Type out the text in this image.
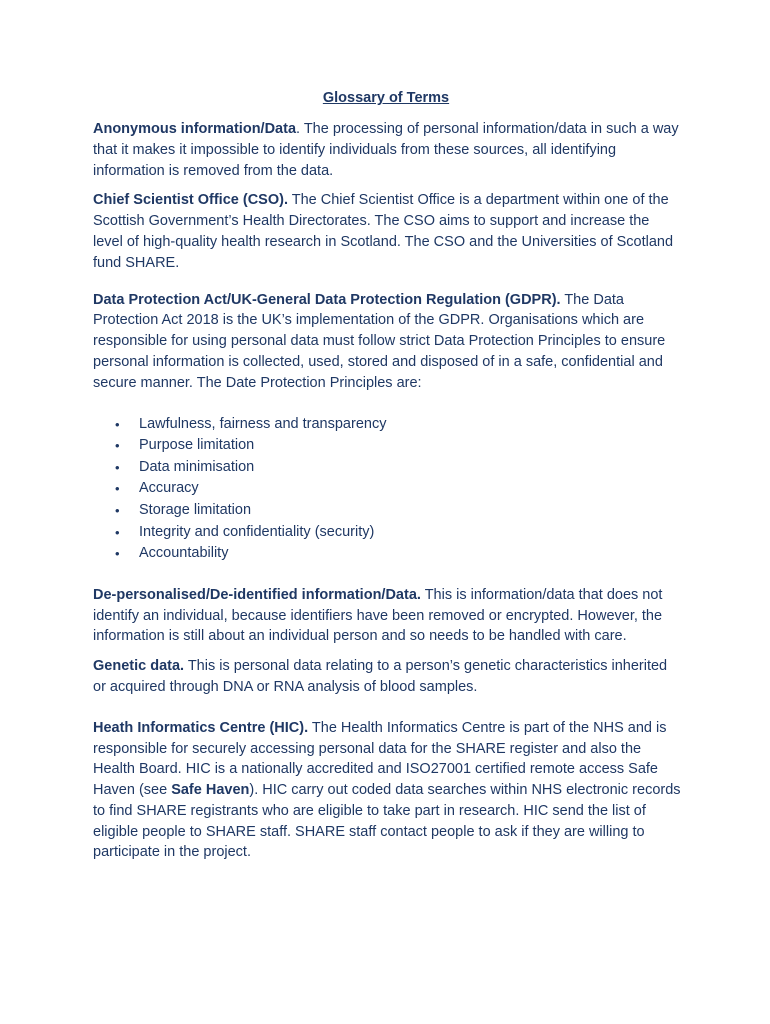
Glossary of Terms

Anonymous information/Data. The processing of personal information/data in such a way that it makes it impossible to identify individuals from these sources, all identifying information is removed from the data.

Chief Scientist Office (CSO). The Chief Scientist Office is a department within one of the Scottish Government’s Health Directorates. The CSO aims to support and increase the level of high-quality health research in Scotland. The CSO and the Universities of Scotland fund SHARE.

Data Protection Act/UK-General Data Protection Regulation (GDPR). The Data Protection Act 2018 is the UK’s implementation of the GDPR. Organisations which are responsible for using personal data must follow strict Data Protection Principles to ensure personal information is collected, used, stored and disposed of in a safe, confidential and secure manner. The Date Protection Principles are:

• Lawfulness, fairness and transparency
• Purpose limitation
• Data minimisation
• Accuracy
• Storage limitation
• Integrity and confidentiality (security)
• Accountability

De-personalised/De-identified information/Data. This is information/data that does not identify an individual, because identifiers have been removed or encrypted. However, the information is still about an individual person and so needs to be handled with care.

Genetic data. This is personal data relating to a person’s genetic characteristics inherited or acquired through DNA or RNA analysis of blood samples.

Heath Informatics Centre (HIC). The Health Informatics Centre is part of the NHS and is responsible for securely accessing personal data for the SHARE register and also the Health Board. HIC is a nationally accredited and ISO27001 certified remote access Safe Haven (see Safe Haven). HIC carry out coded data searches within NHS electronic records to find SHARE registrants who are eligible to take part in research. HIC send the list of eligible people to SHARE staff. SHARE staff contact people to ask if they are willing to participate in the project.
